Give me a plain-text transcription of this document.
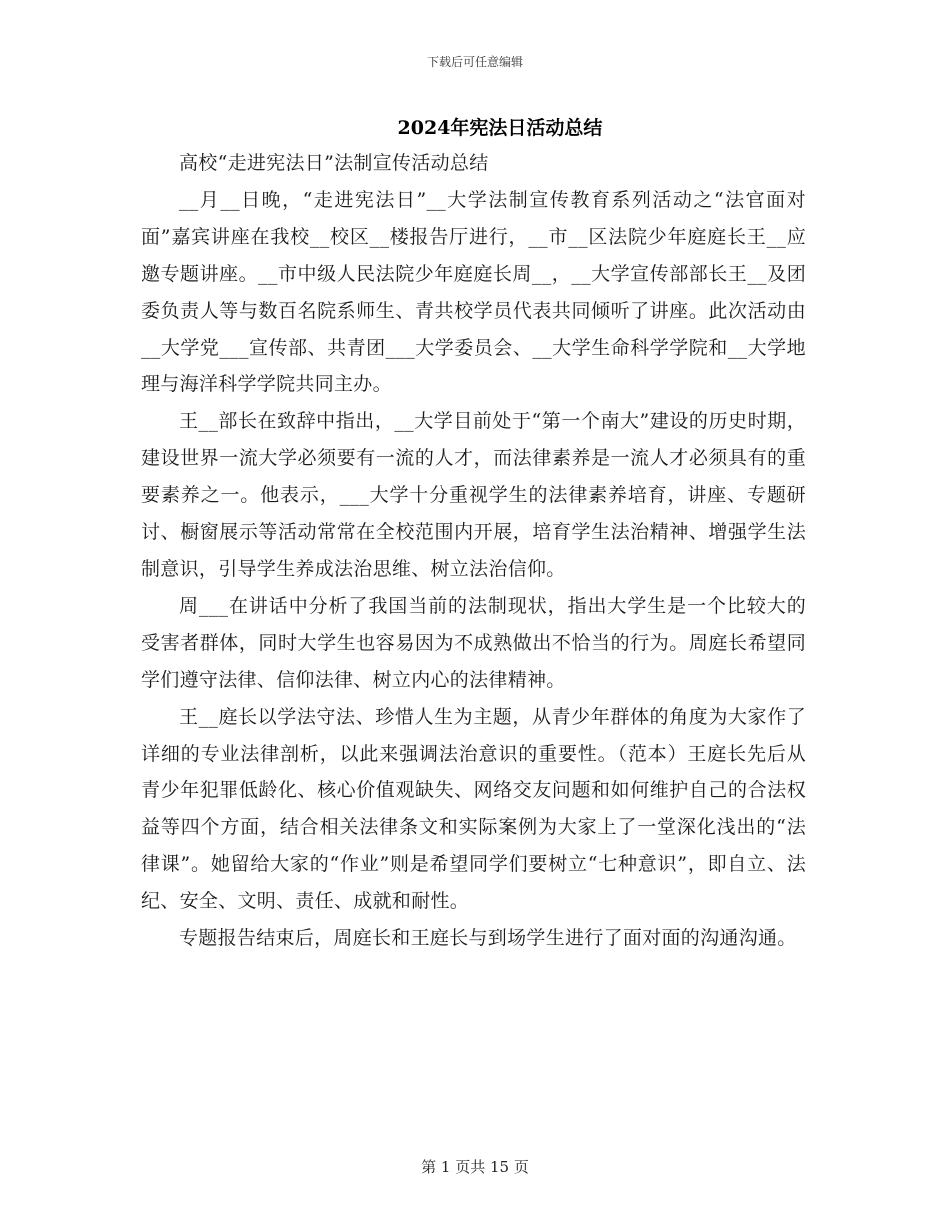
下载后可任意编辑
2024年宪法日活动总结

高校“走进宪法日”法制宣传活动总结

__月__日晚，“走进宪法日”__大学法制宣传教育系列活动之“法官面对面”嘉宾讲座在我校__校区__楼报告厅进行，__市__区法院少年庭庭长王__应邀专题讲座。__市中级人民法院少年庭庭长周__，__大学宣传部部长王__及团委负责人等与数百名院系师生、青共校学员代表共同倾听了讲座。此次活动由__大学党___宣传部、共青团___大学委员会、__大学生命科学学院和__大学地理与海洋科学学院共同主办。

王__部长在致辞中指出，__大学目前处于“第一个南大”建设的历史时期，建设世界一流大学必须要有一流的人才，而法律素养是一流人才必须具有的重要素养之一。他表示，___大学十分重视学生的法律素养培育，讲座、专题研讨、橱窗展示等活动常常在全校范围内开展，培育学生法治精神、增强学生法制意识，引导学生养成法治思维、树立法治信仰。

周___在讲话中分析了我国当前的法制现状，指出大学生是一个比较大的受害者群体，同时大学生也容易因为不成熟做出不恰当的行为。周庭长希望同学们遵守法律、信仰法律、树立内心的法律精神。

王__庭长以学法守法、珍惜人生为主题，从青少年群体的角度为大家作了详细的专业法律剖析，以此来强调法治意识的重要性。（范本）王庭长先后从青少年犯罪低龄化、核心价值观缺失、网络交友问题和如何维护自己的合法权益等四个方面，结合相关法律条文和实际案例为大家上了一堂深化浅出的“法律课”。她留给大家的“作业”则是希望同学们要树立“七种意识”，即自立、法纪、安全、文明、责任、成就和耐性。

专题报告结束后，周庭长和王庭长与到场学生进行了面对面的沟通沟通。

第 1 页共 15 页
